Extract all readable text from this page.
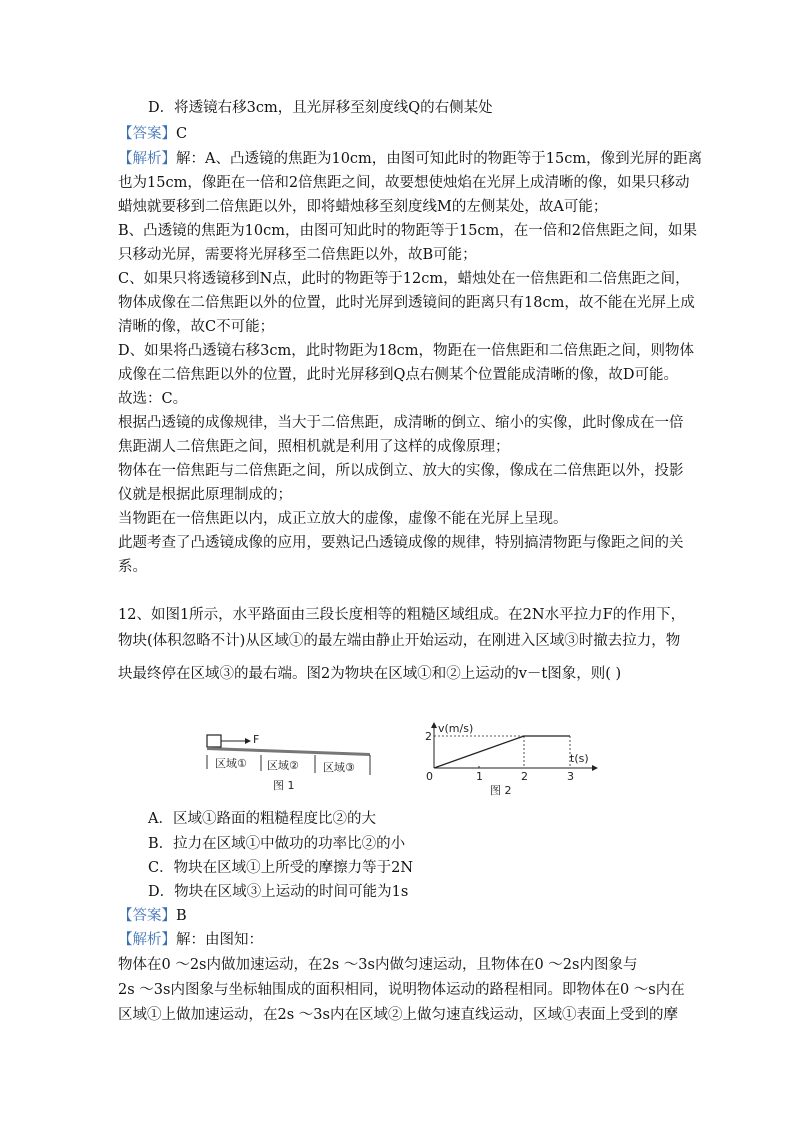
D．将透镜右移3cm，且光屏移至刻度线Q的右侧某处
【答案】C
【解析】解：A、凸透镜的焦距为10cm，由图可知此时的物距等于15cm，像到光屏的距离
也为15cm，像距在一倍和2倍焦距之间，故要想使烛焰在光屏上成清晰的像，如果只移动
蜡烛就要移到二倍焦距以外，即将蜡烛移至刻度线M的左侧某处，故A可能；
B、凸透镜的焦距为10cm，由图可知此时的物距等于15cm，在一倍和2倍焦距之间，如果
只移动光屏，需要将光屏移至二倍焦距以外，故B可能；
C、如果只将透镜移到N点，此时的物距等于12cm，蜡烛处在一倍焦距和二倍焦距之间，
物体成像在二倍焦距以外的位置，此时光屏到透镜间的距离只有18cm，故不能在光屏上成
清晰的像，故C不可能；
D、如果将凸透镜右移3cm，此时物距为18cm，物距在一倍焦距和二倍焦距之间，则物体
成像在二倍焦距以外的位置，此时光屏移到Q点右侧某个位置能成清晰的像，故D可能。
故选：C。
根据凸透镜的成像规律，当大于二倍焦距，成清晰的倒立、缩小的实像，此时像成在一倍
焦距湖人二倍焦距之间，照相机就是利用了这样的成像原理；
物体在一倍焦距与二倍焦距之间，所以成倒立、放大的实像，像成在二倍焦距以外，投影
仪就是根据此原理制成的；
当物距在一倍焦距以内，成正立放大的虚像，虚像不能在光屏上呈现。
此题考查了凸透镜成像的应用，要熟记凸透镜成像的规律，特别搞清物距与像距之间的关
系。
12、如图1所示，水平路面由三段长度相等的粗糙区域组成。在2N水平拉力F的作用下，
物块(体积忽略不计)从区域①的最左端由静止开始运动，在刚进入区域③时撤去拉力，物
块最终停在区域③的最右端。图2为物块在区域①和②上运动的v－t图象，则( )
F
区域① 区域② 区域③
图 1
v(m/s)
t(s)
0
2
1	2	3
图 2
A．区域①路面的粗糙程度比②的大
B．拉力在区域①中做功的功率比②的小
C．物块在区域①上所受的摩擦力等于2N
D．物块在区域③上运动的时间可能为1s
【答案】B
【解析】解：由图知：
物体在0 ～2s内做加速运动，在2s ～3s内做匀速运动，且物体在0 ～2s内图象与
2s ～3s内图象与坐标轴围成的面积相同，说明物体运动的路程相同。即物体在0 ～s内在
区域①上做加速运动，在2s ～3s内在区域②上做匀速直线运动，区域①表面上受到的摩
